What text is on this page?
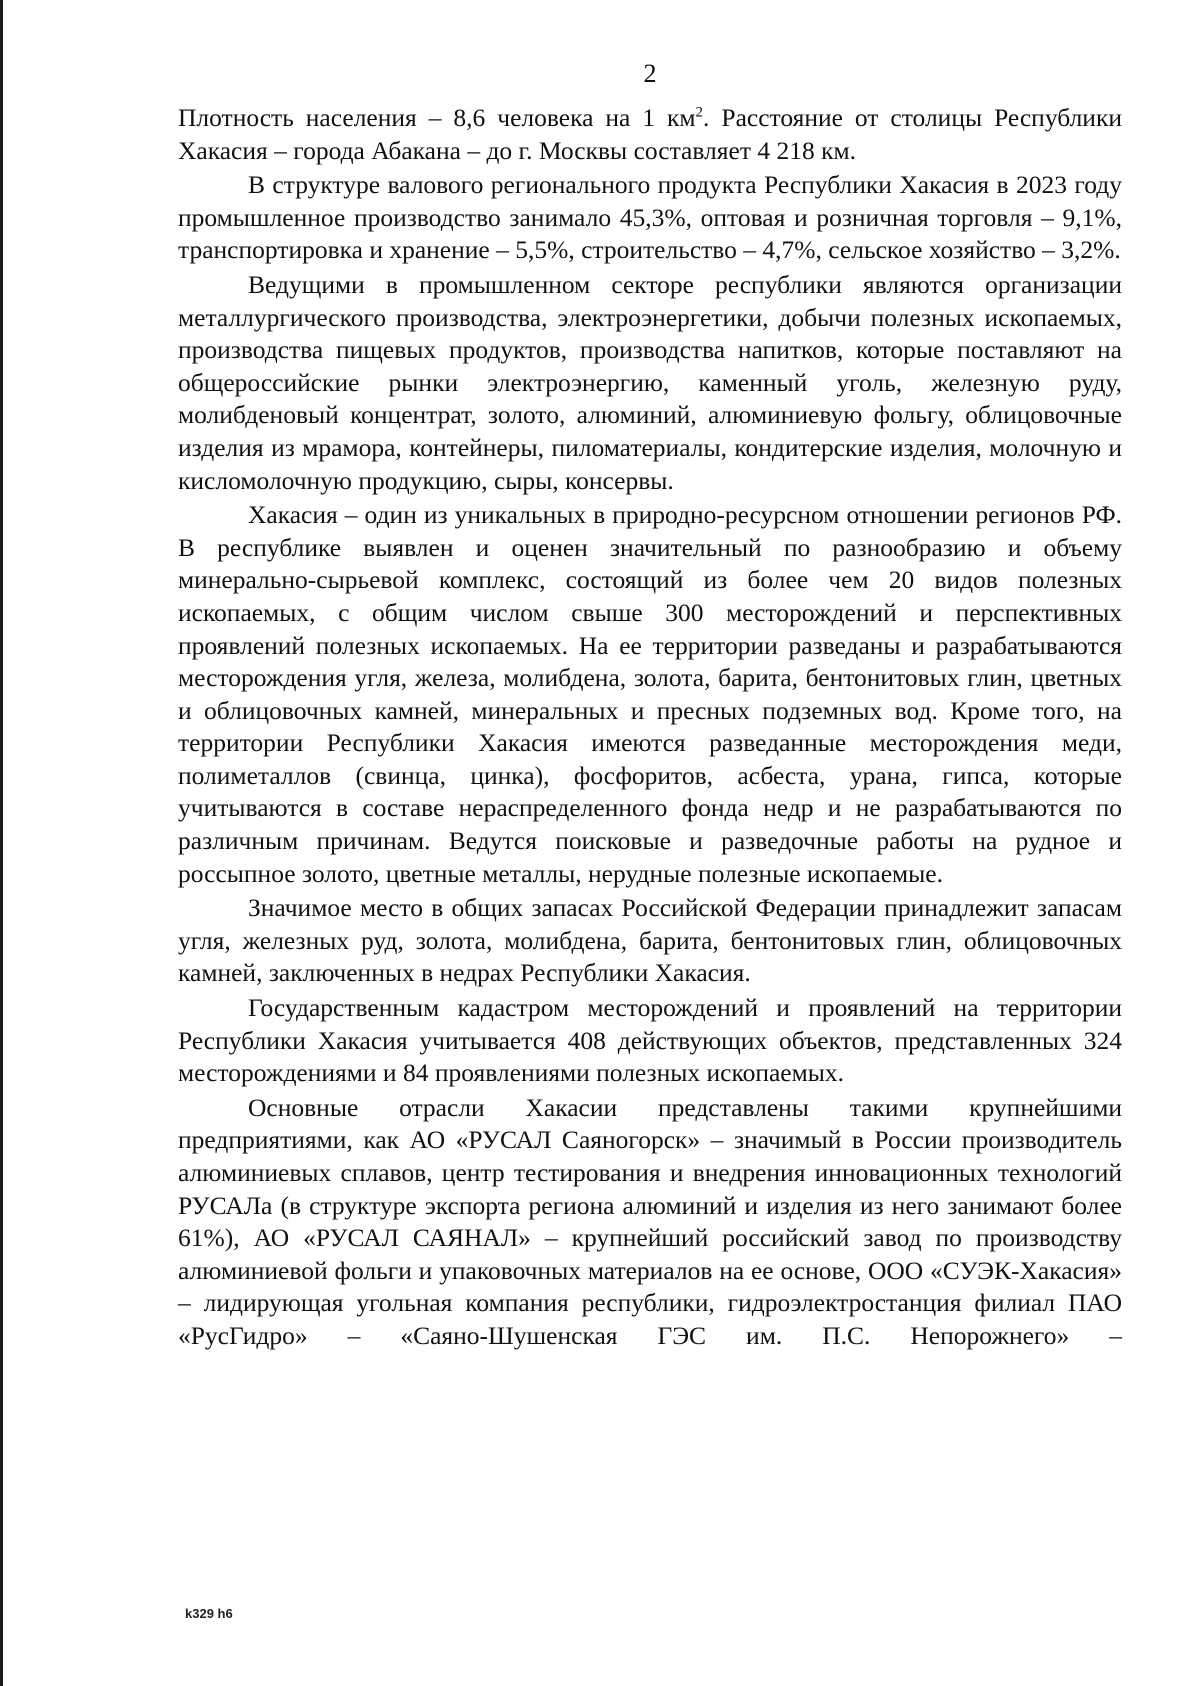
2

Плотность населения – 8,6 человека на 1 $км^2$. Расстояние от столицы Республики Хакасия – города Абакана – до г. Москвы составляет 4 218 км.

В структуре валового регионального продукта Республики Хакасия в 2023 году промышленное производство занимало 45,3%, оптовая и розничная торговля – 9,1%, транспортировка и хранение – 5,5%, строительство – 4,7%, сельское хозяйство – 3,2%.

Ведущими в промышленном секторе республики являются организации металлургического производства, электроэнергетики, добычи полезных ископаемых, производства пищевых продуктов, производства напитков, которые поставляют на общероссийские рынки электроэнергию, каменный уголь, железную руду, молибденовый концентрат, золото, алюминий, алюминиевую фольгу, облицовочные изделия из мрамора, контейнеры, пиломатериалы, кондитерские изделия, молочную и кисломолочную продукцию, сыры, консервы.

Хакасия – один из уникальных в природно-ресурсном отношении регионов РФ. В республике выявлен и оценен значительный по разнообразию и объему минерально-сырьевой комплекс, состоящий из более чем 20 видов полезных ископаемых, с общим числом свыше 300 месторождений и перспективных проявлений полезных ископаемых. На ее территории разведаны и разрабатываются месторождения угля, железа, молибдена, золота, барита, бентонитовых глин, цветных и облицовочных камней, минеральных и пресных подземных вод. Кроме того, на территории Республики Хакасия имеются разведанные месторождения меди, полиметаллов (свинца, цинка), фосфоритов, асбеста, урана, гипса, которые учитываются в составе нераспределенного фонда недр и не разрабатываются по различным причинам. Ведутся поисковые и разведочные работы на рудное и россыпное золото, цветные металлы, нерудные полезные ископаемые.

Значимое место в общих запасах Российской Федерации принадлежит запасам угля, железных руд, золота, молибдена, барита, бентонитовых глин, облицовочных камней, заключенных в недрах Республики Хакасия.

Государственным кадастром месторождений и проявлений на территории Республики Хакасия учитывается 408 действующих объектов, представленных 324 месторождениями и 84 проявлениями полезных ископаемых.

Основные отрасли Хакасии представлены такими крупнейшими предприятиями, как АО «РУСАЛ Саяногорск» – значимый в России производитель алюминиевых сплавов, центр тестирования и внедрения инновационных технологий РУСАЛа (в структуре экспорта региона алюминий и изделия из него занимают более 61%), АО «РУСАЛ САЯНАЛ» – крупнейший российский завод по производству алюминиевой фольги и упаковочных материалов на ее основе, ООО «СУЭК-Хакасия» – лидирующая угольная компания республики, гидроэлектростанция филиал ПАО «РусГидро» – «Саяно-Шушенская ГЭС им. П.С. Непорожнего» –

k329 h6
